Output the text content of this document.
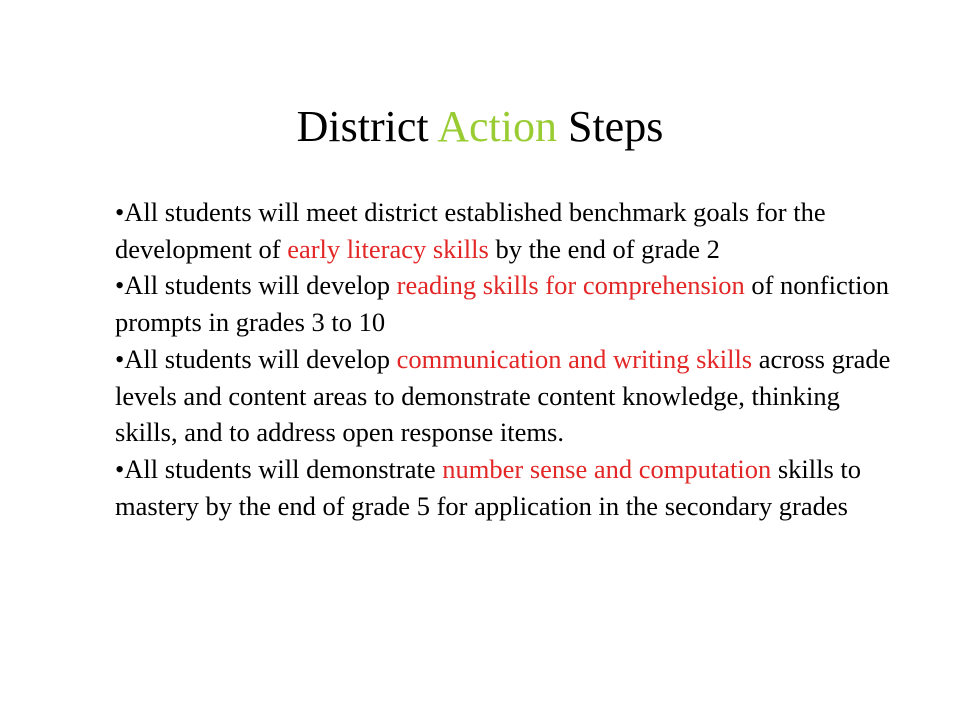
District Action Steps

•All students will meet district established benchmark goals for the development of early literacy skills by the end of grade 2

•All students will develop reading skills for comprehension of nonfiction prompts in grades 3 to 10

•All students will develop communication and writing skills across grade levels and content areas to demonstrate content knowledge, thinking skills, and to address open response items.

•All students will demonstrate number sense and computation skills to mastery by the end of grade 5 for application in the secondary grades
